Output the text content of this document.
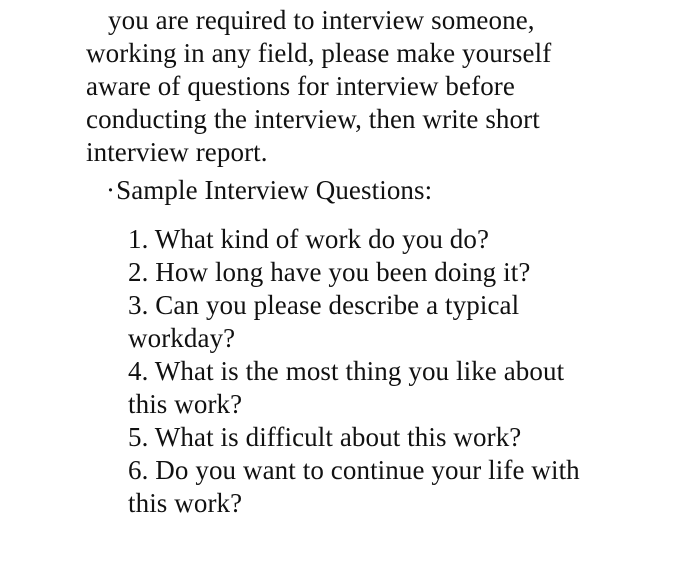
you are required to interview someone,
working in any field, please make yourself
aware of questions for interview before
conducting the interview, then write short
interview report.
· Sample Interview Questions:
1. What kind of work do you do?
2. How long have you been doing it?
3. Can you please describe a typical
workday?
4. What is the most thing you like about
this work?
5. What is difficult about this work?
6. Do you want to continue your life with
this work?
